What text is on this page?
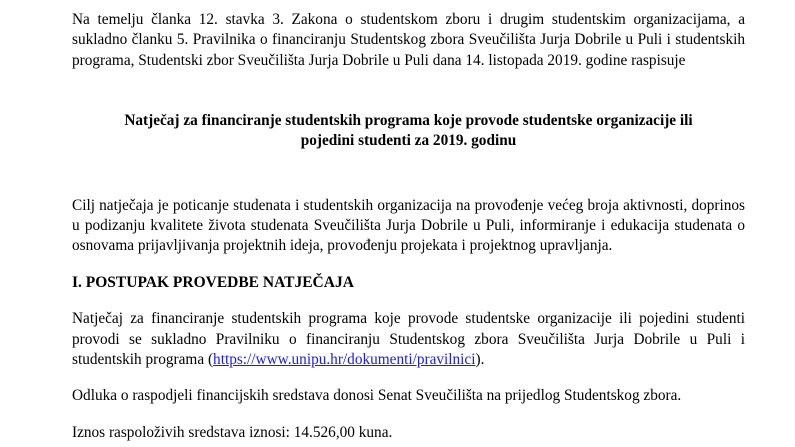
Na temelju članka 12. stavka 3. Zakona o studentskom zboru i drugim studentskim organizacijama, a sukladno članku 5. Pravilnika o financiranju Studentskog zbora Sveučilišta Jurja Dobrile u Puli i studentskih programa, Studentski zbor Sveučilišta Jurja Dobrile u Puli dana 14. listopada 2019. godine raspisuje

Natječaj za financiranje studentskih programa koje provode studentske organizacije ili pojedini studenti za 2019. godinu

Cilj natječaja je poticanje studenata i studentskih organizacija na provođenje većeg broja aktivnosti, doprinos u podizanju kvalitete života studenata Sveučilišta Jurja Dobrile u Puli, informiranje i edukacija studenata o osnovama prijavljivanja projektnih ideja, provođenju projekata i projektnog upravljanja.

I. POSTUPAK PROVEDBE NATJEČAJA

Natječaj za financiranje studentskih programa koje provode studentske organizacije ili pojedini studenti provodi se sukladno Pravilniku o financiranju Studentskog zbora Sveučilišta Jurja Dobrile u Puli i studentskih programa (https://www.unipu.hr/dokumenti/pravilnici).

Odluka o raspodjeli financijskih sredstava donosi Senat Sveučilišta na prijedlog Studentskog zbora.

Iznos raspoloživih sredstava iznosi: 14.526,00 kuna.
